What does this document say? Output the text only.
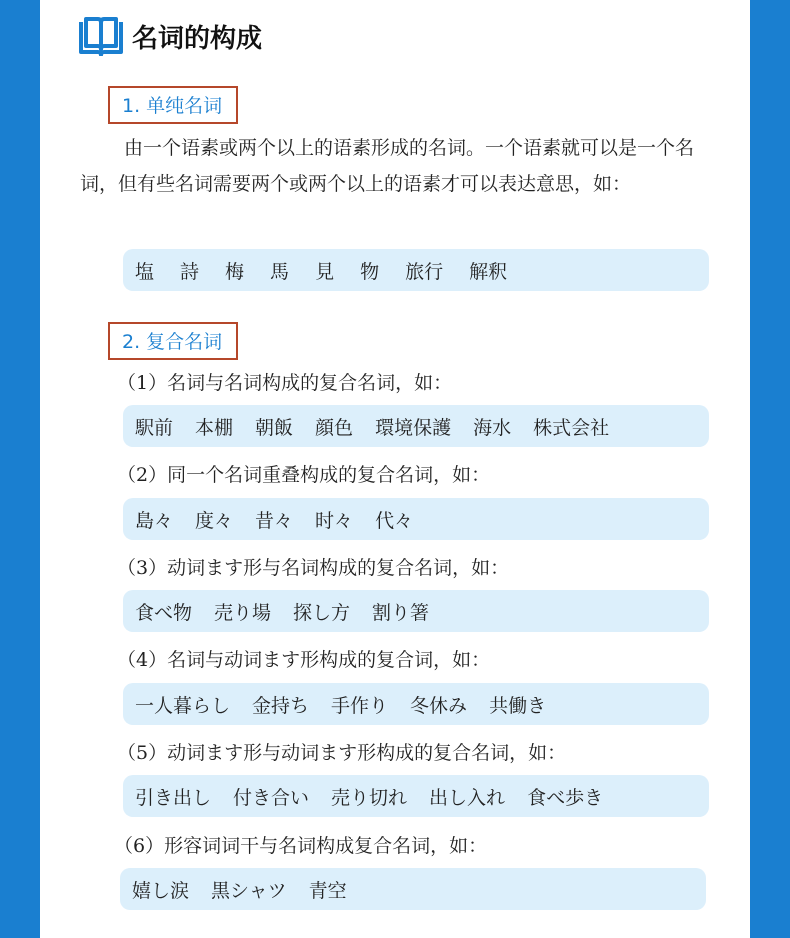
名词的构成
1. 单纯名词
由一个语素或两个以上的语素形成的名词。一个语素就可以是一个名词，但有些名词需要两个或两个以上的语素才可以表达意思，如：
塩 詩 梅 馬 見 物 旅行 解釈
2. 复合名词
（1）名词与名词构成的复合名词，如：
駅前 本棚 朝飯 顔色 環境保護 海水 株式会社
（2）同一个名词重叠构成的复合名词，如：
島々 度々 昔々 时々 代々
（3）动词ます形与名词构成的复合名词，如：
食べ物 売り場 探し方 割り箸
（4）名词与动词ます形构成的复合词，如：
一人暮らし 金持ち 手作り 冬休み 共働き
（5）动词ます形与动词ます形构成的复合名词，如：
引き出し 付き合い 売り切れ 出し入れ 食べ歩き
（6）形容词词干与名词构成复合名词，如：
嬉し涙 黒シャツ 青空
